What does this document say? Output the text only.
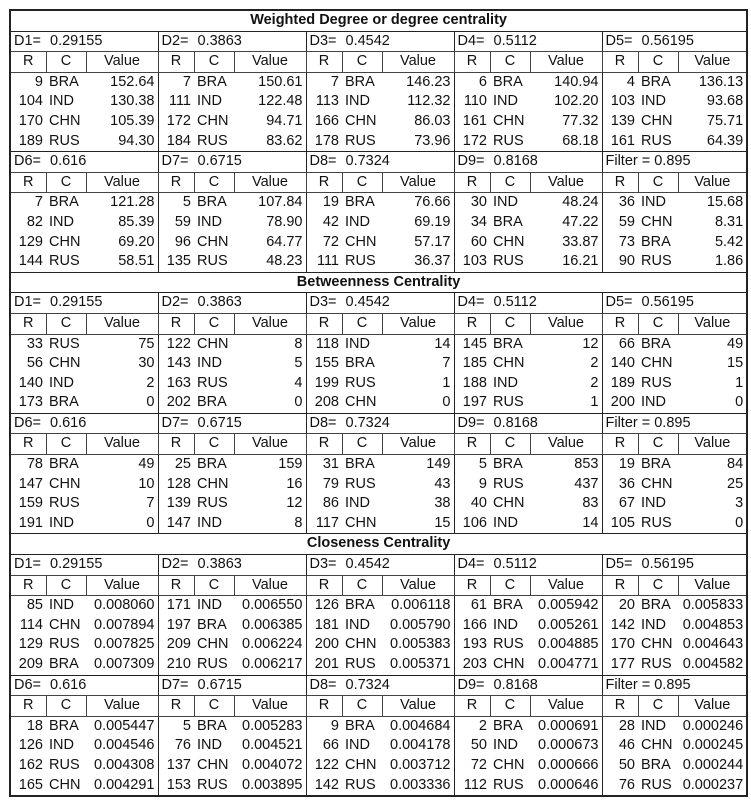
Weighted Degree or degree centrality														
D1= 0.29155			D2= 0.3863			D3= 0.4542			D4= 0.5112			D5= 0.56195		
R	C	Value	R	C	Value	R	C	Value	R	C	Value	R	C	Value
9	BRA	152.64	7	BRA	150.61	7	BRA	146.23	6	BRA	140.94	4	BRA	136.13
104	IND	130.38	111	IND	122.48	113	IND	112.32	110	IND	102.20	103	IND	93.68
170	CHN	105.39	172	CHN	94.71	166	CHN	86.03	161	CHN	77.32	139	CHN	75.71
189	RUS	94.30	184	RUS	83.62	178	RUS	73.96	172	RUS	68.18	161	RUS	64.39
D6= 0.616			D7= 0.6715			D8= 0.7324			D9= 0.8168			Filter = 0.895		
R	C	Value	R	C	Value	R	C	Value	R	C	Value	R	C	Value
7	BRA	121.28	5	BRA	107.84	19	BRA	76.66	30	IND	48.24	36	IND	15.68
82	IND	85.39	59	IND	78.90	42	IND	69.19	34	BRA	47.22	59	CHN	8.31
129	CHN	69.20	96	CHN	64.77	72	CHN	57.17	60	CHN	33.87	73	BRA	5.42
144	RUS	58.51	135	RUS	48.23	111	RUS	36.37	103	RUS	16.21	90	RUS	1.86
Betweenness Centrality														
D1= 0.29155			D2= 0.3863			D3= 0.4542			D4= 0.5112			D5= 0.56195		
R	C	Value	R	C	Value	R	C	Value	R	C	Value	R	C	Value
33	RUS	75	122	CHN	8	118	IND	14	145	BRA	12	66	BRA	49
56	CHN	30	143	IND	5	155	BRA	7	185	CHN	2	140	CHN	15
140	IND	2	163	RUS	4	199	RUS	1	188	IND	2	189	RUS	1
173	BRA	0	202	BRA	0	208	CHN	0	197	RUS	1	200	IND	0
D6= 0.616			D7= 0.6715			D8= 0.7324			D9= 0.8168			Filter = 0.895		
R	C	Value	R	C	Value	R	C	Value	R	C	Value	R	C	Value
78	BRA	49	25	BRA	159	31	BRA	149	5	BRA	853	19	BRA	84
147	CHN	10	128	CHN	16	79	RUS	43	9	RUS	437	36	CHN	25
159	RUS	7	139	RUS	12	86	IND	38	40	CHN	83	67	IND	3
191	IND	0	147	IND	8	117	CHN	15	106	IND	14	105	RUS	0
Closeness Centrality														
D1= 0.29155			D2= 0.3863			D3= 0.4542			D4= 0.5112			D5= 0.56195		
R	C	Value	R	C	Value	R	C	Value	R	C	Value	R	C	Value
85	IND	0.008060	171	IND	0.006550	126	BRA	0.006118	61	BRA	0.005942	20	BRA	0.005833
114	CHN	0.007894	197	BRA	0.006385	181	IND	0.005790	166	IND	0.005261	142	IND	0.004853
129	RUS	0.007825	209	CHN	0.006224	200	CHN	0.005383	193	RUS	0.004885	170	CHN	0.004643
209	BRA	0.007309	210	RUS	0.006217	201	RUS	0.005371	203	CHN	0.004771	177	RUS	0.004582
D6= 0.616			D7= 0.6715			D8= 0.7324			D9= 0.8168			Filter = 0.895		
R	C	Value	R	C	Value	R	C	Value	R	C	Value	R	C	Value
18	BRA	0.005447	5	BRA	0.005283	9	BRA	0.004684	2	BRA	0.000691	28	IND	0.000246
126	IND	0.004546	76	IND	0.004521	66	IND	0.004178	50	IND	0.000673	46	CHN	0.000245
162	RUS	0.004308	137	CHN	0.004072	122	CHN	0.003712	72	CHN	0.000666	50	BRA	0.000244
165	CHN	0.004291	153	RUS	0.003895	142	RUS	0.003336	112	RUS	0.000646	76	RUS	0.000237
